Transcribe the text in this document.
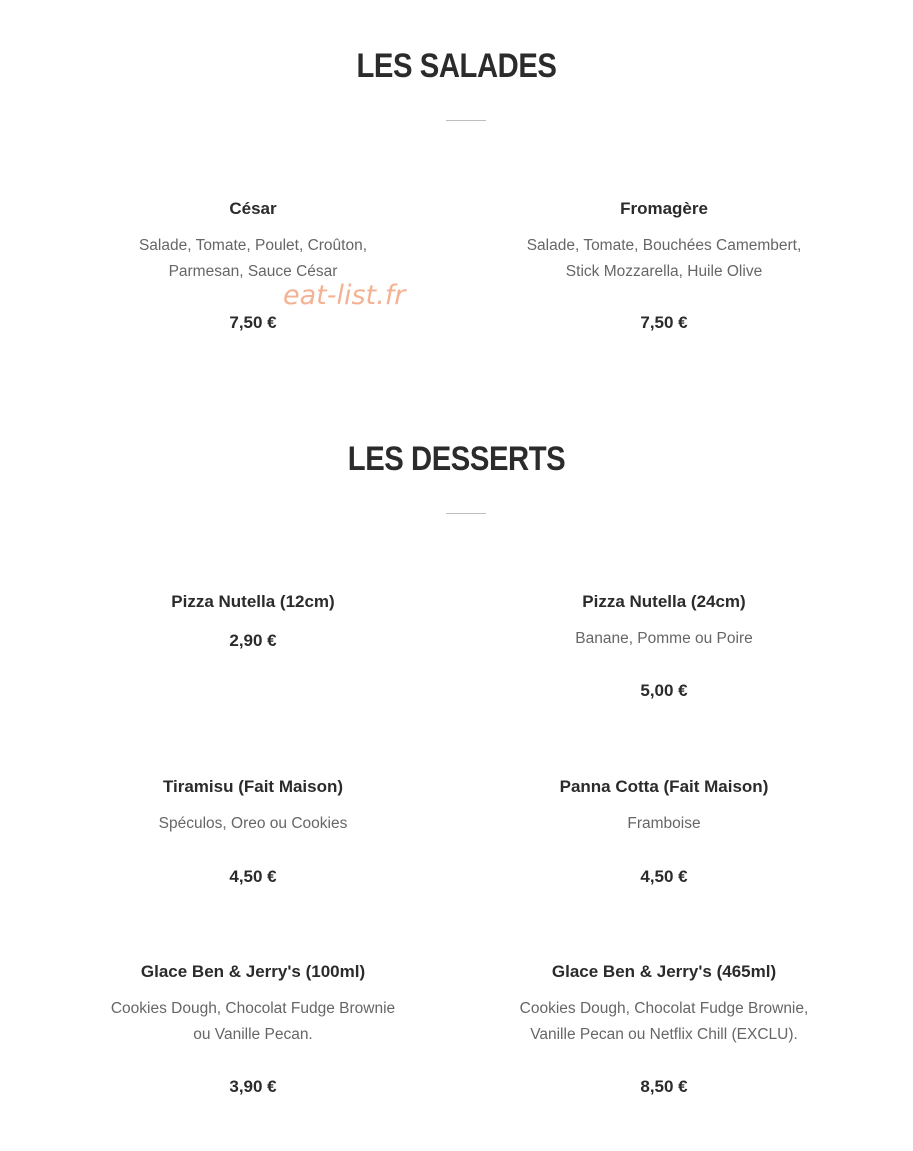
LES SALADES

César

Salade, Tomate, Poulet, Croûton,
Parmesan, Sauce César

7,50 €

Fromagère

Salade, Tomate, Bouchées Camembert,
Stick Mozzarella, Huile Olive

7,50 €

eat-list.fr
LES DESSERTS

Pizza Nutella (12cm)

2,90 €

Pizza Nutella (24cm)

Banane, Pomme ou Poire

5,00 €

Tiramisu (Fait Maison)

Spéculos, Oreo ou Cookies

4,50 €

Panna Cotta (Fait Maison)

Framboise

4,50 €

Glace Ben & Jerry's (100ml)

Cookies Dough, Chocolat Fudge Brownie
ou Vanille Pecan.

3,90 €

Glace Ben & Jerry's (465ml)

Cookies Dough, Chocolat Fudge Brownie,
Vanille Pecan ou Netflix Chill (EXCLU).

8,50 €
